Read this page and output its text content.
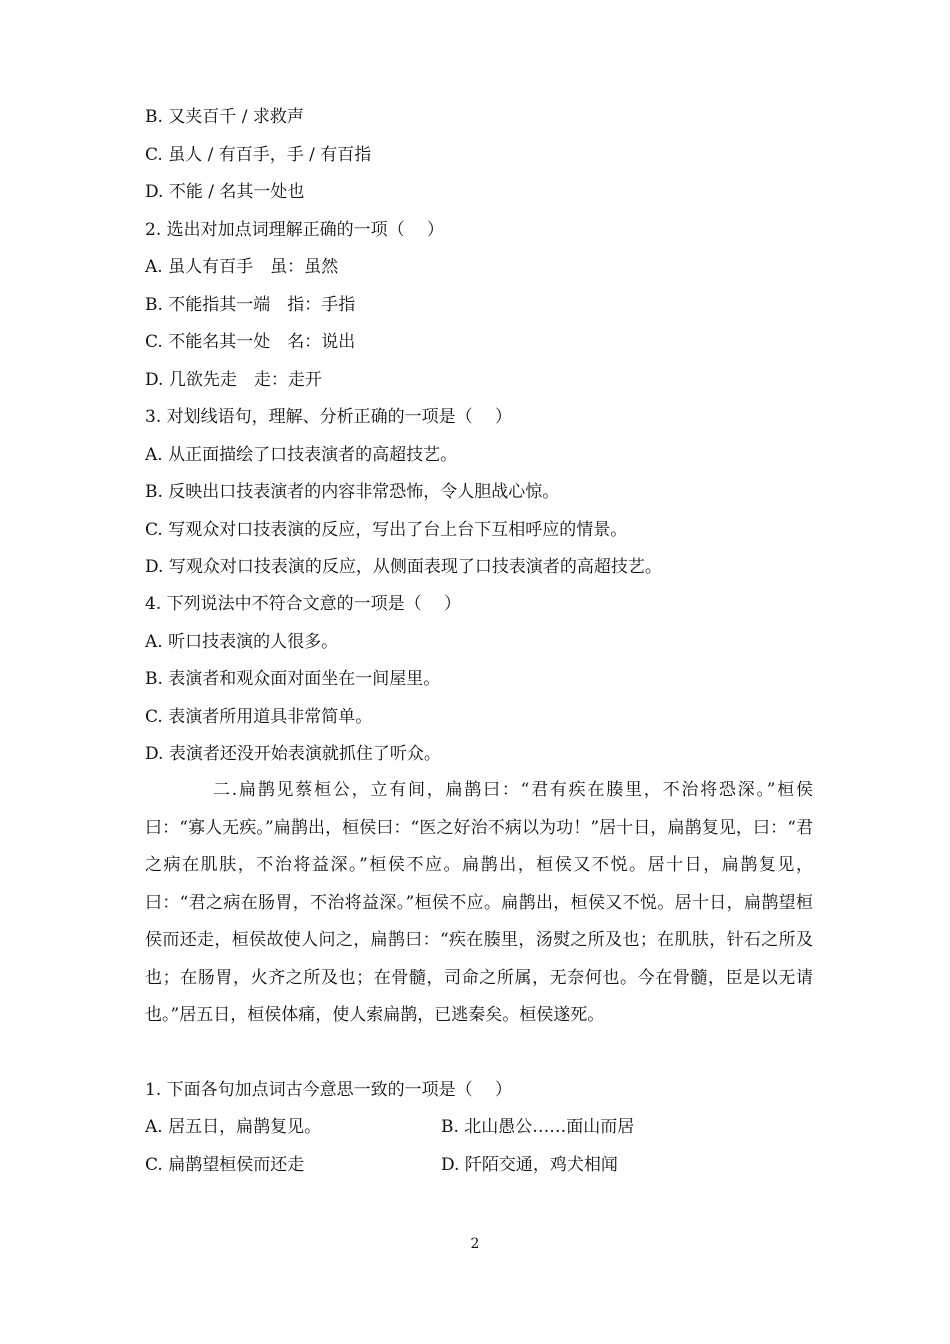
B. 又夹百千 / 求救声
C. 虽人 / 有百手，手 / 有百指
D. 不能 / 名其一处也
2. 选出对加点词理解正确的一项（　 ）
A. 虽人有百手　虽：虽然
B. 不能指其一端　指：手指
C. 不能名其一处　名：说出
D. 几欲先走　走：走开
3. 对划线语句，理解、分析正确的一项是（　 ）
A. 从正面描绘了口技表演者的高超技艺。
B. 反映出口技表演者的内容非常恐怖，令人胆战心惊。
C. 写观众对口技表演的反应，写出了台上台下互相呼应的情景。
D. 写观众对口技表演的反应，从侧面表现了口技表演者的高超技艺。
4. 下列说法中不符合文意的一项是（　 ）
A. 听口技表演的人很多。
B. 表演者和观众面对面坐在一间屋里。
C. 表演者所用道具非常简单。
D. 表演者还没开始表演就抓住了听众。

二.扁鹊见蔡桓公，立有间，扁鹊曰：“君有疾在腠里，不治将恐深。”桓侯曰：“寡人无疾。”扁鹊出，桓侯曰：“医之好治不病以为功！”居十日，扁鹊复见，曰：“君之病在肌肤，不治将益深。”桓侯不应。扁鹊出，桓侯又不悦。居十日，扁鹊复见，曰：“君之病在肠胃，不治将益深。”桓侯不应。扁鹊出，桓侯又不悦。居十日，扁鹊望桓侯而还走，桓侯故使人问之，扁鹊曰：“疾在腠里，汤熨之所及也；在肌肤，针石之所及也；在肠胃，火齐之所及也；在骨髓，司命之所属，无奈何也。今在骨髓，臣是以无请也。”居五日，桓侯体痛，使人索扁鹊，已逃秦矣。桓侯遂死。

1. 下面各句加点词古今意思一致的一项是（　 ）
A. 居五日，扁鹊复见。	B. 北山愚公……面山而居
C. 扁鹊望桓侯而还走	D. 阡陌交通，鸡犬相闻
2
